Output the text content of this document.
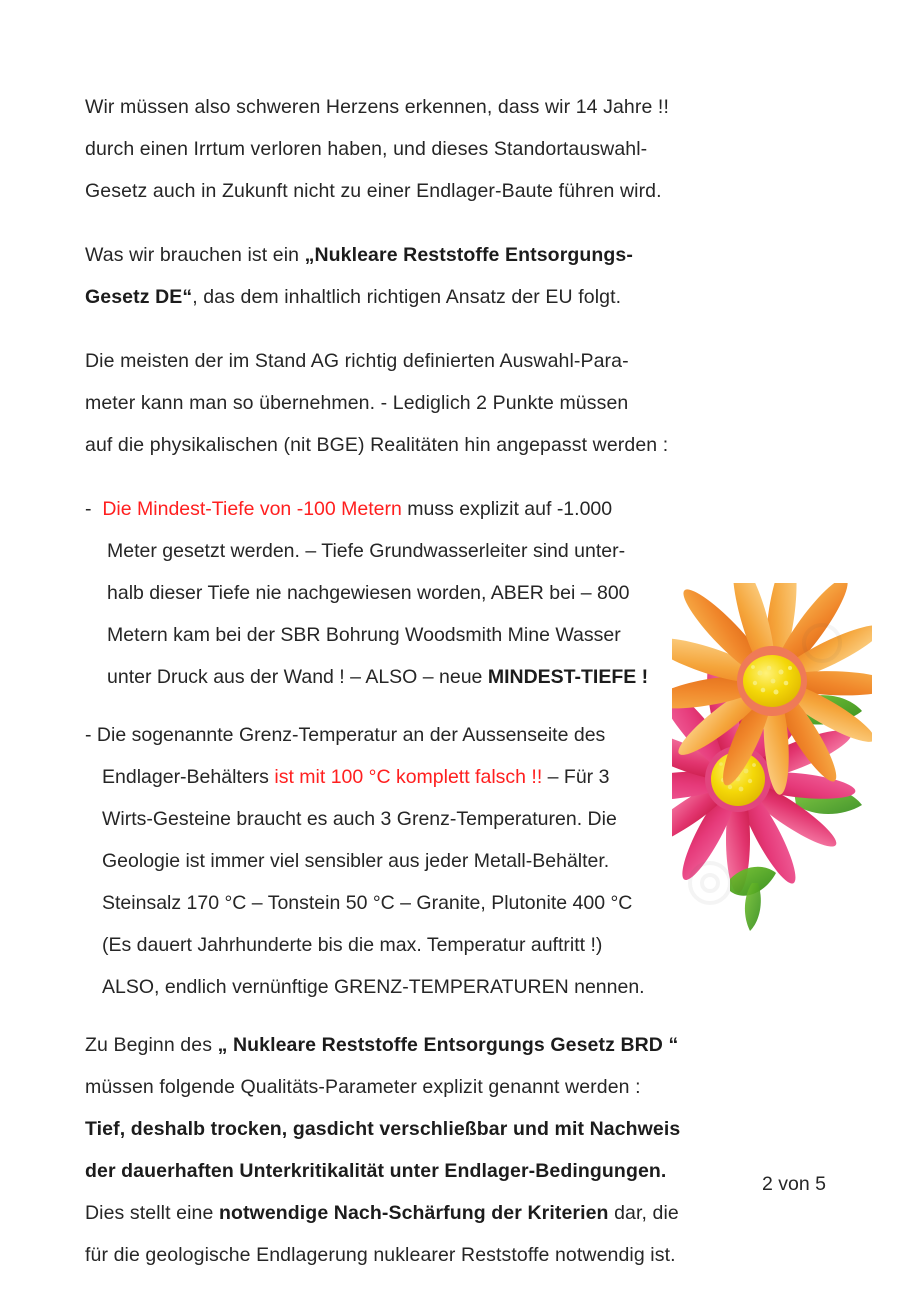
Wir müssen also schweren Herzens erkennen, dass wir 14 Jahre !!
durch einen Irrtum verloren haben, und dieses Standortauswahl-
Gesetz auch in Zukunft nicht zu einer Endlager-Baute führen wird.

Was wir brauchen ist ein „Nukleare Reststoffe Entsorgungs-
Gesetz DE“, das dem inhaltlich richtigen Ansatz der EU folgt.

Die meisten der im Stand AG richtig definierten Auswahl-Para-
meter kann man so übernehmen. - Lediglich 2 Punkte müssen
auf die physikalischen (nit BGE) Realitäten hin angepasst werden :

-  Die Mindest-Tiefe von -100 Metern muss explizit auf -1.000
Meter gesetzt werden. – Tiefe Grundwasserleiter sind unter-
halb dieser Tiefe nie nachgewiesen worden, ABER bei – 800
Metern kam bei der SBR Bohrung Woodsmith Mine Wasser
unter Druck aus der Wand ! – ALSO – neue MINDEST-TIEFE !
- Die sogenannte Grenz-Temperatur an der Aussenseite des
Endlager-Behälters ist mit 100 °C komplett falsch !! – Für 3
Wirts-Gesteine braucht es auch 3 Grenz-Temperaturen. Die
Geologie ist immer viel sensibler aus jeder Metall-Behälter.
Steinsalz 170 °C – Tonstein 50 °C – Granite, Plutonite 400 °C
(Es dauert Jahrhunderte bis die max. Temperatur auftritt !)
ALSO, endlich vernünftige GRENZ-TEMPERATUREN nennen.

Zu Beginn des „ Nukleare Reststoffe Entsorgungs Gesetz BRD “
müssen folgende Qualitäts-Parameter explizit genannt werden :
Tief, deshalb trocken, gasdicht verschließbar und mit Nachweis
der dauerhaften Unterkritikalität unter Endlager-Bedingungen.
Dies stellt eine notwendige Nach-Schärfung der Kriterien dar, die
für die geologische Endlagerung nuklearer Reststoffe notwendig ist.

2 von 5
